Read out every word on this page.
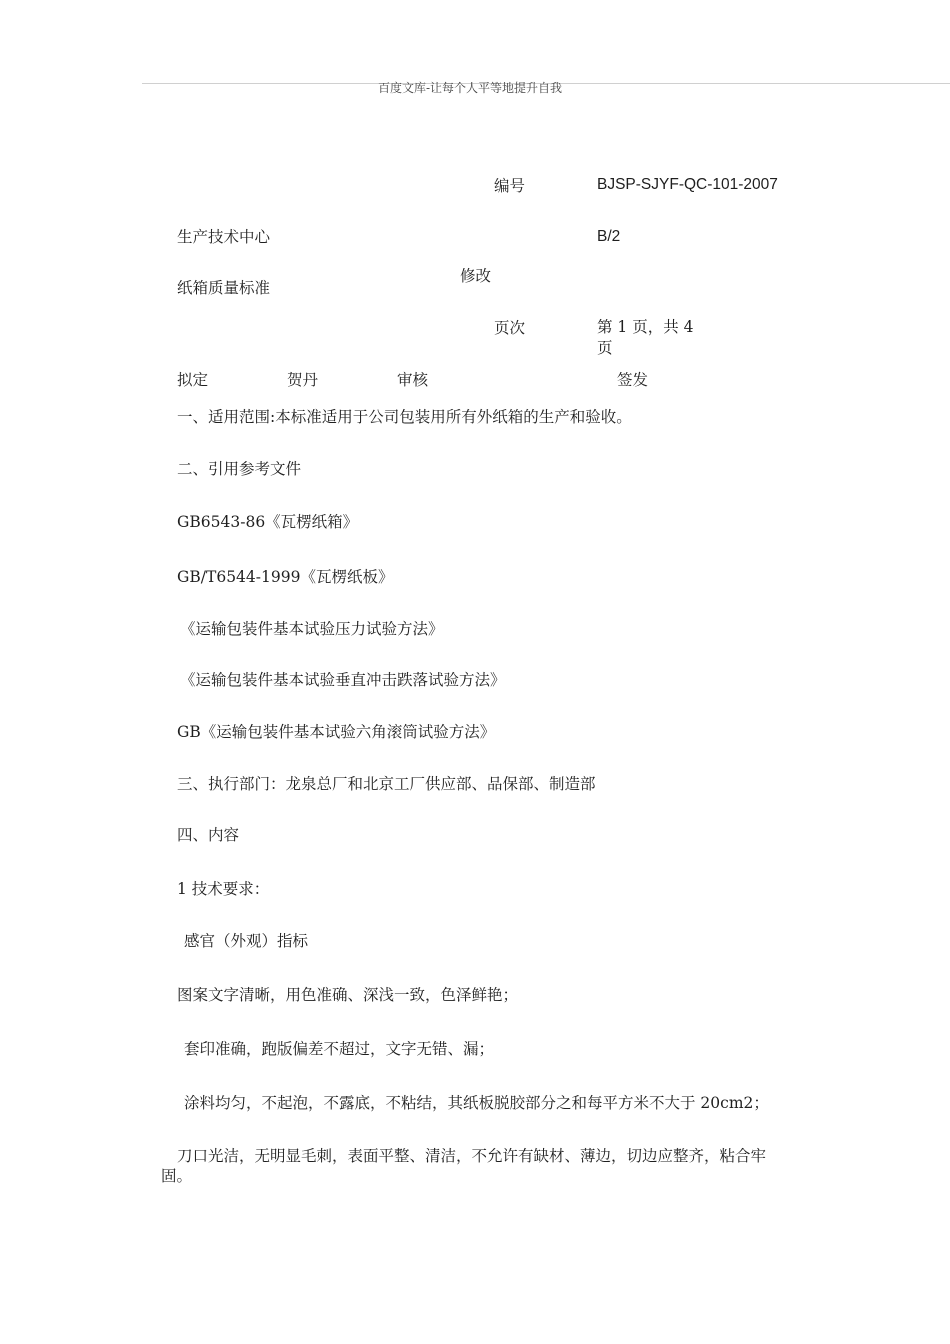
百度文库-让每个人平等地提升自我
编号	BJSP-SJYF-QC-101-2007
生产技术中心	B/2
修改
纸箱质量标准
页次	第 1 页，共 4
页
拟定	贺丹	审核	签发
一、适用范围:本标准适用于公司包装用所有外纸箱的生产和验收。
二、引用参考文件
GB6543-86《瓦楞纸箱》
GB/T6544-1999《瓦楞纸板》
《运输包装件基本试验压力试验方法》
《运输包装件基本试验垂直冲击跌落试验方法》
GB《运输包装件基本试验六角滚筒试验方法》
三、执行部门：龙泉总厂和北京工厂供应部、品保部、制造部
四、内容
1 技术要求：
感官（外观）指标
图案文字清晰，用色准确、深浅一致，色泽鲜艳；
套印准确，跑版偏差不超过，文字无错、漏；
涂料均匀，不起泡，不露底，不粘结，其纸板脱胶部分之和每平方米不大于 20cm2；
刀口光洁，无明显毛刺，表面平整、清洁，不允许有缺材、薄边，切边应整齐，粘合牢
固。
